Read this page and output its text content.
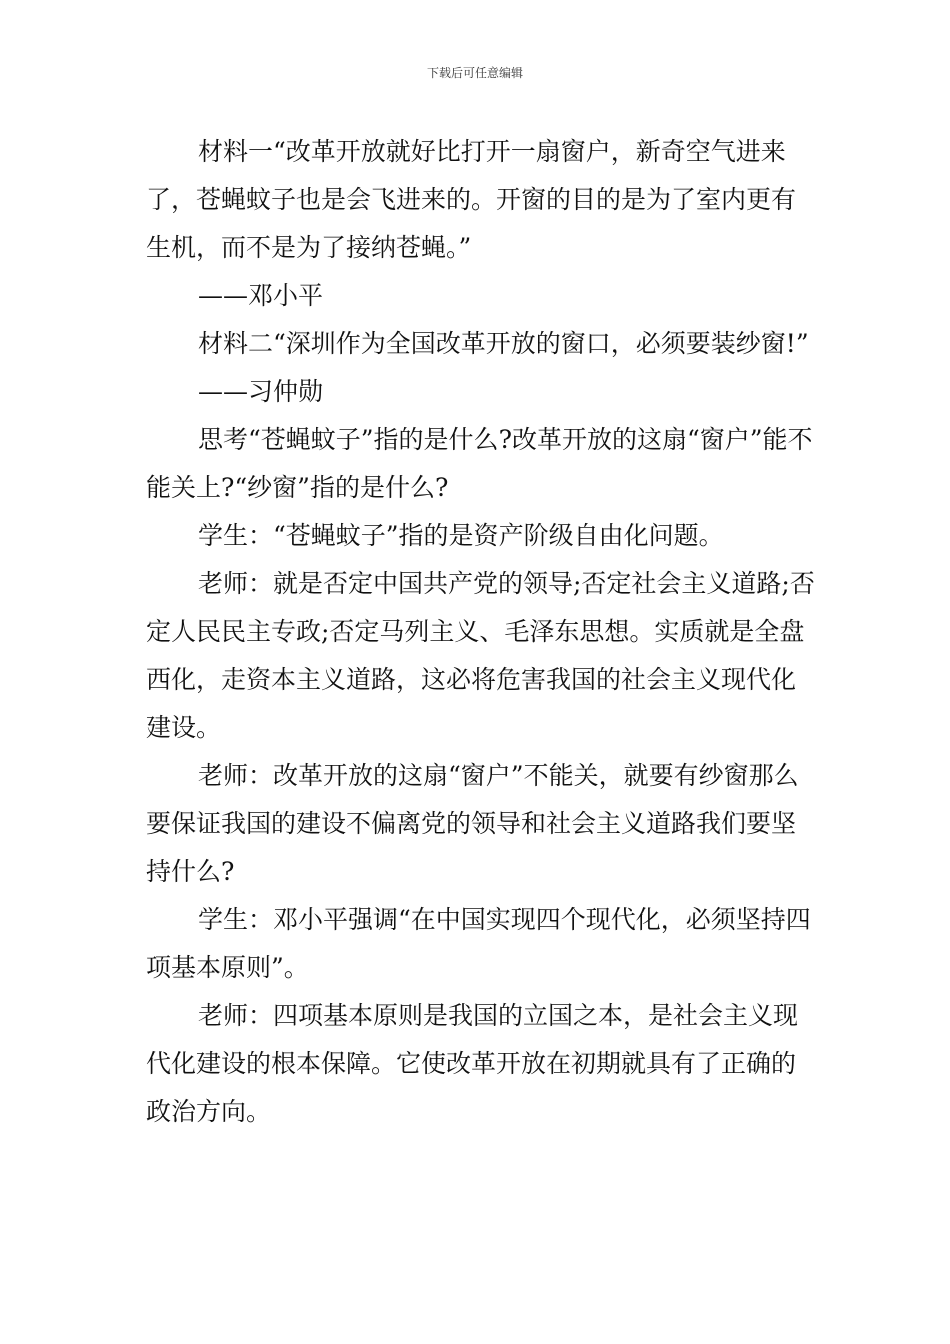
下载后可任意编辑

材料一“改革开放就好比打开一扇窗户，新奇空气进来了，苍蝇蚊子也是会飞进来的。开窗的目的是为了室内更有生机，而不是为了接纳苍蝇。”

——邓小平

材料二“深圳作为全国改革开放的窗口，必须要装纱窗!”

——习仲勋

思考“苍蝇蚊子”指的是什么?改革开放的这扇“窗户”能不能关上?“纱窗”指的是什么?

学生：“苍蝇蚊子”指的是资产阶级自由化问题。

老师：就是否定中国共产党的领导;否定社会主义道路;否定人民民主专政;否定马列主义、毛泽东思想。实质就是全盘西化，走资本主义道路，这必将危害我国的社会主义现代化建设。

老师：改革开放的这扇“窗户”不能关，就要有纱窗那么要保证我国的建设不偏离党的领导和社会主义道路我们要坚持什么?

学生：邓小平强调“在中国实现四个现代化，必须坚持四项基本原则”。

老师：四项基本原则是我国的立国之本，是社会主义现代化建设的根本保障。它使改革开放在初期就具有了正确的政治方向。
